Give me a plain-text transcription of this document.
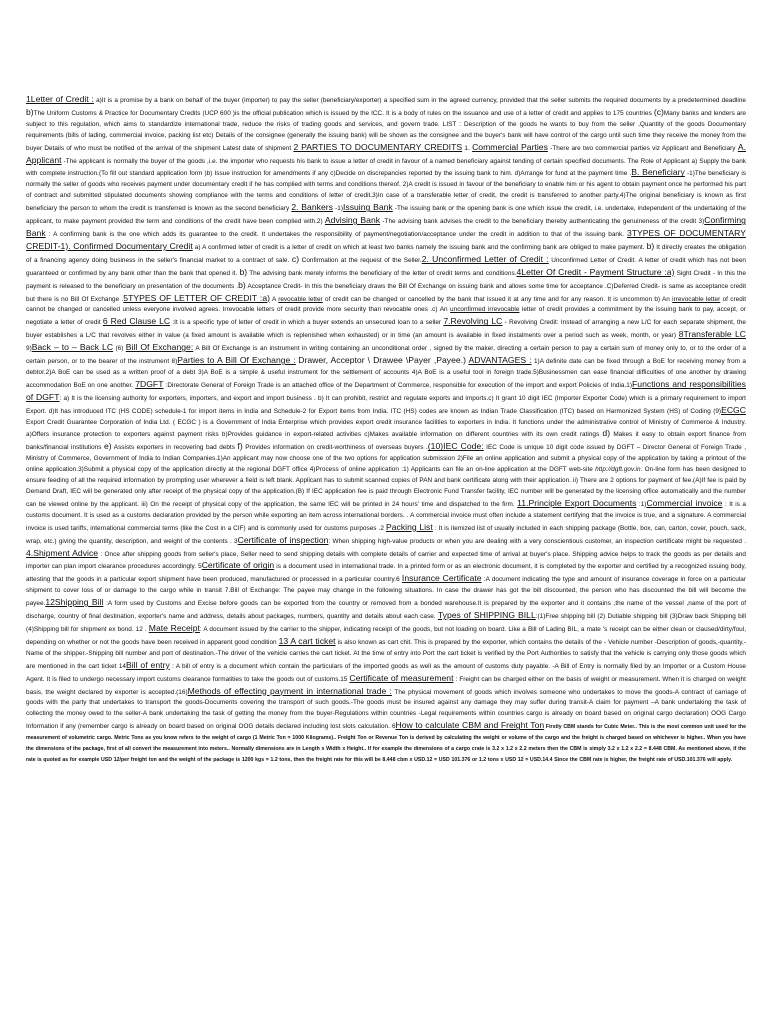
1Letter of Credit : a)It is a promise by a bank on behalf of the buyer (importer) to pay the seller (beneficiary/exporter) a specified sum in the agreed currency, provided that the seller submits the required documents by a predetermined deadline b)The Uniform Customs & Practice for Documentary Credits (UCP 600 )is the official publication which is issued by the ICC. It is a body of rules on the issuance and use of a letter of credit and applies to 175 countries (c)Many banks and lenders are subject to this regulation, which aims to standardize international trade, reduce the risks of trading goods and services, and govern trade. LIST : Description of the goods he wants to buy from the seller ,Quantity of the goods Documentary requirements (bills of lading, commercial invoice, packing list etc) Details of the consignee (generally the issuing bank) will be shown as the consignee and the buyer's bank will have control of the cargo until such time they receive the money from the buyer Details of who must be notified of the arrival of the shipment Latest date of shipment 2 PARTIES TO DOCUMENTARY CREDITS 1. Commercial Parties -There are two commercial parties viz Applicant and Beneficiary A. Applicant -The applicant is normally the buyer of the goods ,i.e. the importer who requests his bank to issue a letter of credit in favour of a named beneficiary against tending of certain specified documents. The Role of Applicant a) Supply the bank with complete instruction.(To fill out standard application form )b) Issue instruction for amendments if any c)Decide on discrepancies reported by the issuing bank to him. d)Arrange for fund at the payment time .B. Beneficiary -1)The beneficiary is normally the seller of goods who receives payment under documentary credit if he has complied with terms and conditions thereof. 2)A credit is issued in favour of the beneficiary to enable him or his agent to obtain payment once he performed his part of contract and submitted stipulated documents showing compliance with the terms and conditions of letter of credit.3)In case of a transferable letter of credit, the credit is transferred to another party.4)The original beneficiary is known as first beneficiary the person to whom the credit is transferred is known as the second beneficiary 2. Bankers -1)Issuing Bank -The issuing bank or the opening bank is one which issue the credit, i.e. undertake, independent of the undertaking of the applicant, to make payment provided the term and conditions of the credit have been complied with.2) Advising Bank -The advising bank advises the credit to the beneficiary thereby authenticating the genuineness of the credit 3)Confirming Bank : A confirming bank is the one which adds its guarantee to the credit. It undertakes the responsibility of payment/negotiation/acceptance under the credit in addition to that of the issuing bank. 3TYPES OF DOCUMENTARY CREDIT-1). Confirmed Documentary Credit a) A confirmed letter of credit is a letter of credit on which at least two banks namely the issuing bank and the confirming bank are obliged to make payment. b) It directly creates the obligation of a financing agency doing business in the seller's financial market to a contract of sale. c) Confirmation at the request of the Seller.2. Unconfirmed Letter of Credit : Unconfirmed Letter of Credit. A letter of credit which has not been guaranteed or confirmed by any bank other than the bank that opened it. b) The advising bank merely informs the beneficiary of the letter of credit terms and conditions.4Letter Of Credit - Payment Structure :a) Sight Credit - In this the payment is released to the beneficiary on presentation of the documents .b) Acceptance Credit- In this the beneficiary draws the Bill Of Exchange on issuing bank and allows some time for acceptance .C)Deferred Credit- is same as acceptance credit but there is no Bill Of Exchange .5TYPES OF LETTER OF CREDIT :a) A revocable letter of credit can be changed or cancelled by the bank that issued it at any time and for any reason. It is uncommon b) An irrevocable letter of credit cannot be changed or cancelled unless everyone involved agrees. Irrevocable letters of credit provide more security than revocable ones .c) An unconfirmed irrevocable letter of credit provides a commitment by the issuing bank to pay, accept, or negotiate a letter of credit 6 Red Clause LC :It is a specific type of letter of credit in which a buyer extends an unsecured loan to a seller 7.Revolving LC - Revolving Credit: Instead of arranging a new L/C for each separate shipment, the buyer establishes a L/C that revolves either in value (a fixed amount is available which is replenished when exhausted) or in time (an amount is available in fixed instalments over a period such as week, month, or year) 8Transferable LC 9)Back – to – Back LC (6) Bill Of Exchange: A Bill Of Exchange is an instrument in writing containing an unconditional order , signed by the maker, directing a certain person to pay a certain sum of money only to, or to the order of a certain person, or to the bearer of the instrument 8)Parties to A Bill Of Exchange : Drawer, Acceptor \ Drawee \Payer ,Payee.) ADVANTAGES : 1)A definite date can be fixed through a BoE for receiving money from a debtor.2)A BoE can be used as a written proof of a debt 3)A BoE is a simple & useful instrument for the settlement of accounts 4)A BoE is a useful tool in foreign trade.5)Businessmen can ease financial difficulties of one another by drawing accommodation BoE on one another. 7DGFT :Directorate General of Foreign Trade is an attached office of the Department of Commerce, responsible for execution of the import and export Policies of India.1)Functions and responsibilities of DGFT: a) It is the licensing authority for exporters, importers, and export and import business . b) It can prohibit, restrict and regulate exports and imports.c) It grant 10 digit IEC (Importer Exporter Code) which is a primary requirement to import Export. d)It has introduced ITC (HS CODE) schedule-1 for import items in India and Schedule-2 for Export items from India. ITC (HS) codes are known as Indian Trade Classification (ITC) based on Harmonized System (HS) of Coding (9)ECGC Export Credit Guarantee Corporation of India Ltd. ( ECGC ) is a Government of India Enterprise which provides export credit insurance facilities to exporters in India. It functions under the administrative control of Ministry of Commerce & Industry. a)Offers insurance protection to exporters against payment risks b)Provides guidance in export-related activities c)Makes available information on different countries with its own credit ratings d) Makes it easy to obtain export finance from banks/financial institutions e) Assists exporters in recovering bad debts f) Provides information on credit-worthiness of overseas buyers .(10)IEC Code: IEC Code is unique 10 digit code issued by DGFT – Director General of Foreign Trade , Ministry of Commerce, Government of India to Indian Companies.1)An applicant may now choose one of the two options for application submission 2)File an online application and submit a physical copy of the application by taking a printout of the online application.3)Submit a physical copy of the application directly at the regional DGFT office 4)Process of online application :1) Applicants can file an on-line application at the DGFT web-site http://dgft.gov.in. On-line form has been designed to ensure feeding of all the required information by prompting user wherever a field is left blank. Applicant has to submit scanned copies of PAN and bank certificate along with their application. ii) There are 2 options for payment of fee.(A)If fee is paid by Demand Draft, IEC will be generated only after receipt of the physical copy of the application.(B) If IEC application fee is paid through Electronic Fund Transfer facility, IEC number will be generated by the licensing office automatically and the number can be viewed online by the applicant. iii) On the receipt of physical copy of the application, the same IEC will be printed in 24 hours' time and dispatched to the firm. 11.Principle Export Documents :1)Commercial invoice : It is a customs document. It is used as a customs declaration provided by the person while exporting an item across international borders. . A commercial invoice must often include a statement certifying that the invoice is true, and a signature. A commercial invoice is used tariffs, international commercial terms (like the Cost in a CIF) and is commonly used for customs purposes .2 Packing List : It is itemized list of usually included in each shipping package (Bottle, box, can, carton, cover, pouch, sack, wrap, etc.) giving the quantity, description, and weight of the contents . 3Certificate of inspection: When shipping high-value products or when you are dealing with a very conscientious customer, an inspection certificate might be requested . 4.Shipment Advice : Once after shipping goods from seller's place, Seller need to send shipping details with complete details of carrier and expected time of arrival at buyer's place. Shipping advice helps to track the goods as per details and importer can plan import clearance procedures accordingly. 5Certificate of origin is a document used in international trade. In a printed form or as an electronic document, it is completed by the exporter and certified by a recognized issuing body, attesting that the goods in a particular export shipment have been produced, manufactured or processed in a particular country.6 Insurance Certificate :A document indicating the type and amount of insurance coverage in force on a particular shipment to cover loss of or damage to the cargo while in transit 7.Bill of Exchange: The payee may change in the following situations. In case the drawer has got the bill discounted, the person who has discounted the bill will become the payee.12Shipping Bill :A form used by Customs and Excise before goods can be exported from the country or removed from a bonded warehouse.It is prepared by the exporter and it contains ,the name of the vessel ,name of the port of discharge, country of final destination, exporter's name and address, details about packages, numbers, quantity and details about each case. Types of SHIPPING BILL:(1)Free shipping bill (2) Dutiable shipping bill (3)Draw back Shipping bill (4)Shipping bill for shipment ex bond. 12 . Mate Receipt: A document issued by the carrier to the shipper, indicating receipt of the goods, but not loading on board. Like a Bill of Lading BIL, a mate 's receipt can be either clean or claused/dirty/foul, depending on whether or not the goods have been received in apparent good condition 13 A cart ticket is also known as cart chit. This is prepared by the exporter, which contains the details of the - Vehicle number -Description of goods,-quantity,-Name of the shipper.-Shipping bill number and port of destination.-The driver of the vehicle carries the cart ticket. At the time of entry into Port the cart ticket is verified by the Port Authorities to satisfy that the vehicle is carrying only those goods which are mentioned in the cart ticket 14Bill of entry : A bill of entry is a document which contain the particulars of the imported goods as well as the amount of customs duty payable. -A Bill of Entry is normally filed by an Importer or a Custom House Agent. It is filed to undergo necessary import customs clearance formalities to take the goods out of customs.15 Certificate of measurement : Freight can be charged either on the basis of weight or measurement. When it is charged on weight basis, the weight declared by exporter is accepted.(16)Methods of effecting payment in international trade : The physical movement of goods which involves someone who undertakes to move the goods-A contract of carriage of goods with the party that undertakes to transport the goods-Documents covering the transport of such goods.-The goods must be insured against any damage they may suffer during transit-A claim for payment –A bank undertaking the task of collecting the money owed to the seller-A bank undertaking the task of getting the money from the buyer-Regulations within countries -Legal requirements within countries cargo is already on board based on original cargo declaration) OOG Cargo Information if any (remember cargo is already on board based on original OOG details declared including lost slots calculation. 6How to calculate CBM and Freight Ton Firstly CBM stands for Cubic Meter.. This is the most common unit used for the measurement of volumetric cargo. Metric Tons as you know refers to the weight of cargo (1 Metric Ton = 1000 Kilograms).. Freight Ton or Revenue Ton is derived by calculating the weight or volume of the cargo and the freight is charged based on whichever is higher.. When you have the dimensions of the package, first of all convert the measurement into meters.. Normally dimensions are in Length x Width x Height.. If for example the dimensions of a cargo crate is 3.2 x 1.2 x 2.2 meters then the CBM is simply 3.2 x 1.2 x 2.2 = 8.448 CBM. As mentioned above, if the rate is quoted as for example USD 12/per freight ton and the weight of the package is 1200 kgs = 1.2 tons, then the freight rate for this will be 8.448 cbm x USD.12 = USD 101.376 or 1.2 tons x USD 12 = USD.14.4 Since the CBM rate is higher, the freight rate of USD.101.376 will apply.
